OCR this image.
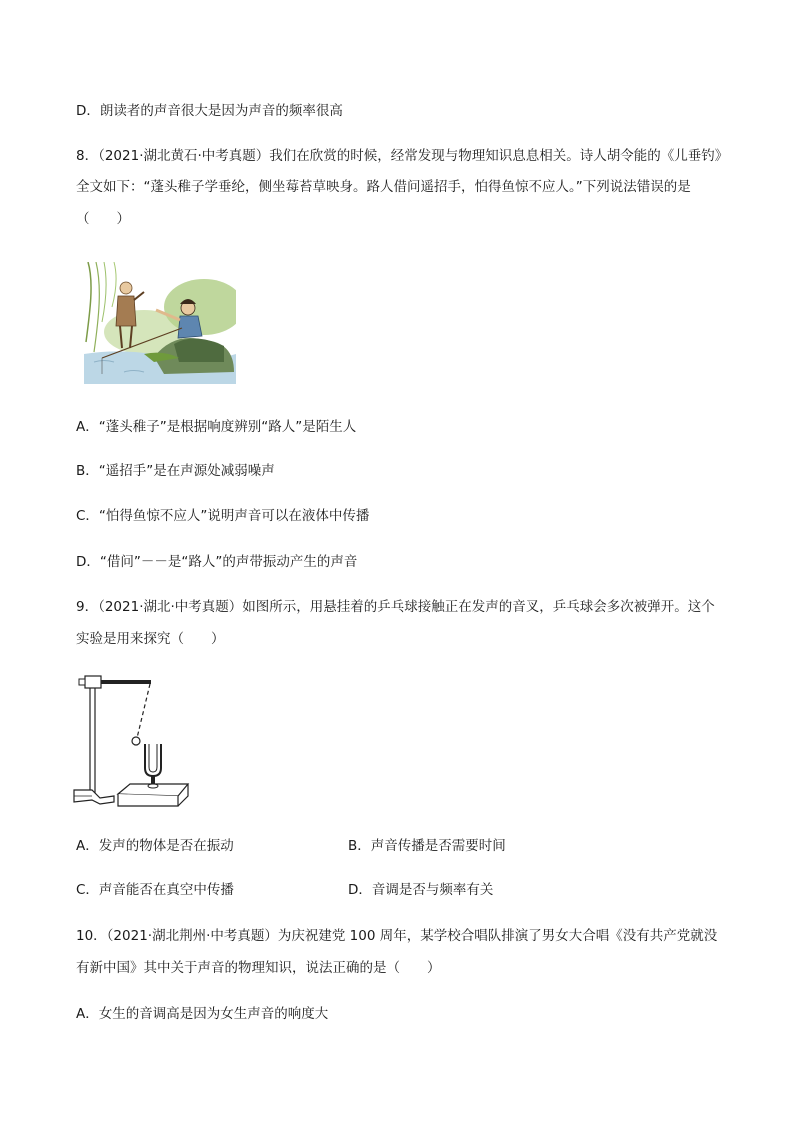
D．朗读者的声音很大是因为声音的频率很高
8．（2021·湖北黄石·中考真题）我们在欣赏的时候，经常发现与物理知识息息相关。诗人胡令能的《儿垂钓》
全文如下：“蓬头稚子学垂纶，侧坐莓苔草映身。路人借问遥招手，怕得鱼惊不应人。”下列说法错误的是
（　　）
A．“蓬头稚子”是根据响度辨别“路人”是陌生人
B．“遥招手”是在声源处减弱噪声
C．“怕得鱼惊不应人”说明声音可以在液体中传播
D．“借问”－－是“路人”的声带振动产生的声音
9．（2021·湖北·中考真题）如图所示，用悬挂着的乒乓球接触正在发声的音叉，乒乓球会多次被弹开。这个
实验是用来探究（　　）
A．发声的物体是否在振动	B．声音传播是否需要时间
C．声音能否在真空中传播	D．音调是否与频率有关
10．（2021·湖北荆州·中考真题）为庆祝建党 100 周年，某学校合唱队排演了男女大合唱《没有共产党就没
有新中国》其中关于声音的物理知识，说法正确的是（　　）
A．女生的音调高是因为女生声音的响度大
